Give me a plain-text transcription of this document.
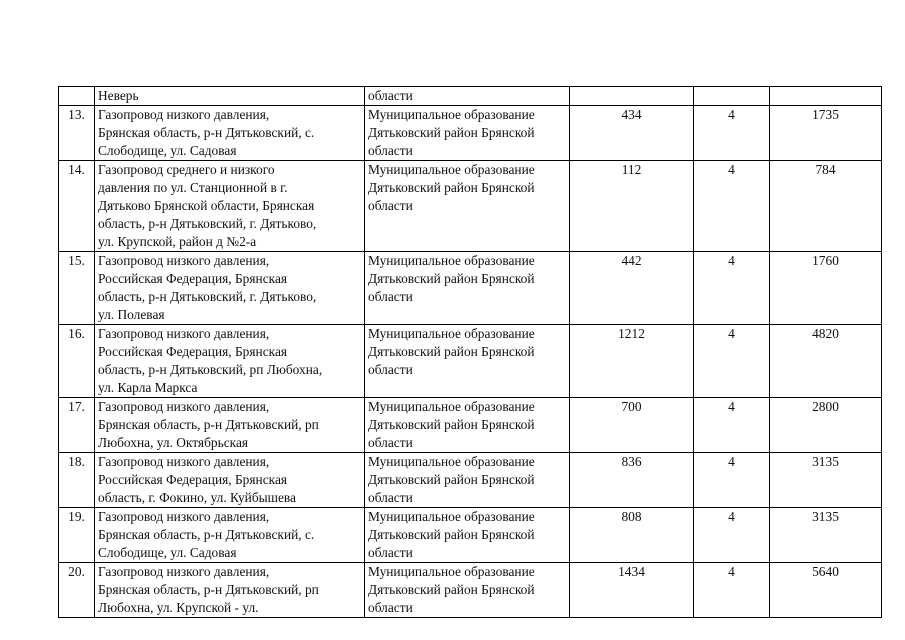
	Неверь	области			
13.	Газопровод низкого давления,
Брянская область, р-н Дятьковский, с.
Слободище, ул. Садовая	Муниципальное образование
Дятьковский район Брянской
области	434	4	1735
14.	Газопровод среднего и низкого
давления по ул. Станционной в г.
Дятьково Брянской области, Брянская
область, р-н Дятьковский, г. Дятьково,
ул. Крупской, район д №2-а	Муниципальное образование
Дятьковский район Брянской
области	112	4	784
15.	Газопровод низкого давления,
Российская Федерация, Брянская
область, р-н Дятьковский, г. Дятьково,
ул. Полевая	Муниципальное образование
Дятьковский район Брянской
области	442	4	1760
16.	Газопровод низкого давления,
Российская Федерация, Брянская
область, р-н Дятьковский, рп Любохна,
ул. Карла Маркса	Муниципальное образование
Дятьковский район Брянской
области	1212	4	4820
17.	Газопровод низкого давления,
Брянская область, р-н Дятьковский, рп
Любохна, ул. Октябрьская	Муниципальное образование
Дятьковский район Брянской
области	700	4	2800
18.	Газопровод низкого давления,
Российская Федерация, Брянская
область, г. Фокино, ул. Куйбышева	Муниципальное образование
Дятьковский район Брянской
области	836	4	3135
19.	Газопровод низкого давления,
Брянская область, р-н Дятьковский, с.
Слободище, ул. Садовая	Муниципальное образование
Дятьковский район Брянской
области	808	4	3135
20.	Газопровод низкого давления,
Брянская область, р-н Дятьковский, рп
Любохна, ул. Крупской - ул.	Муниципальное образование
Дятьковский район Брянской
области	1434	4	5640
